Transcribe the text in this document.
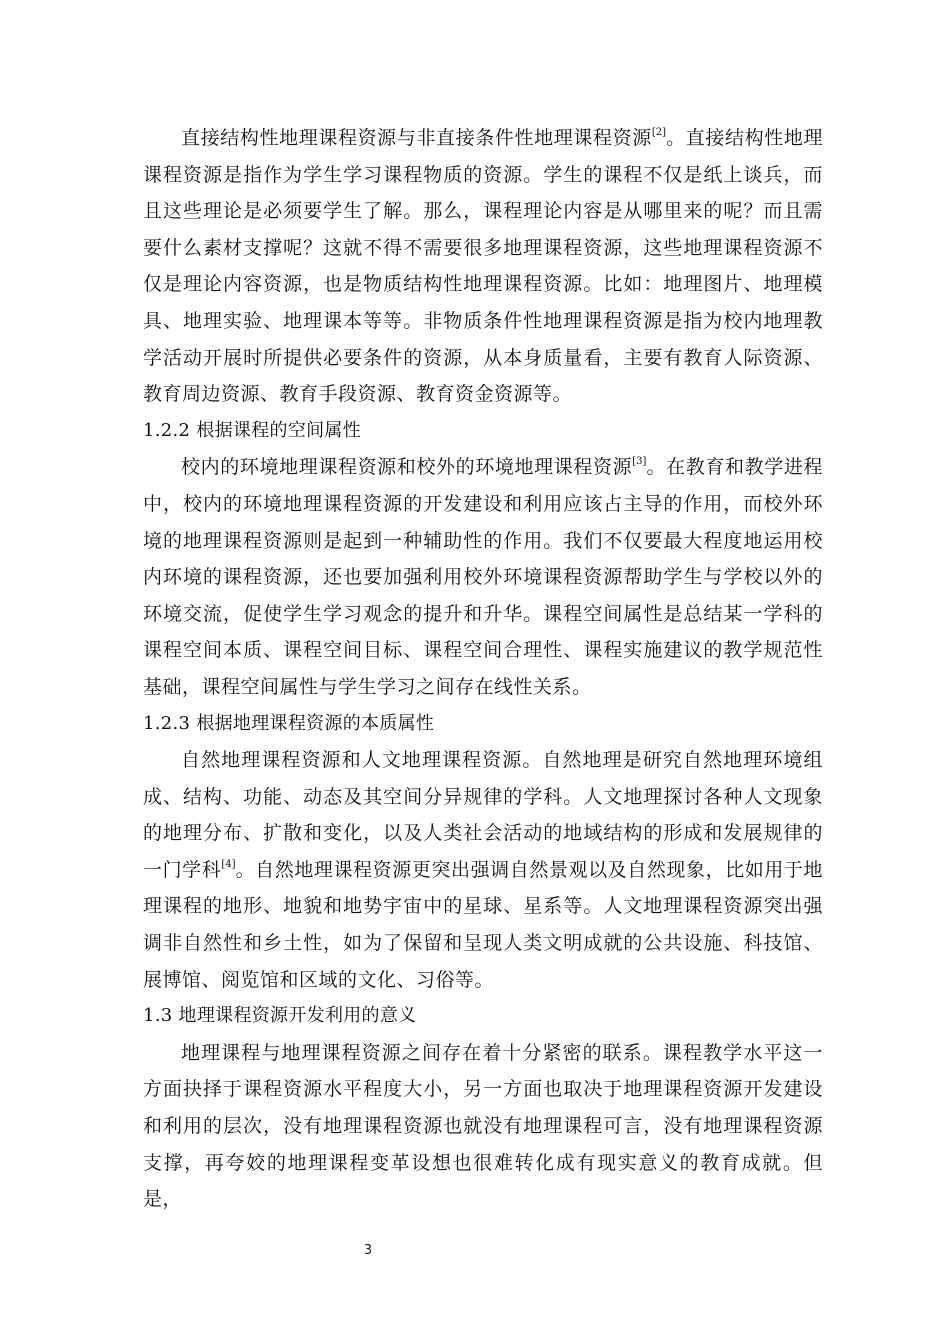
直接结构性地理课程资源与非直接条件性地理课程资源[2]。直接结构性地理课程资源是指作为学生学习课程物质的资源。学生的课程不仅是纸上谈兵，而且这些理论是必须要学生了解。那么，课程理论内容是从哪里来的呢？而且需要什么素材支撑呢？这就不得不需要很多地理课程资源，这些地理课程资源不仅是理论内容资源，也是物质结构性地理课程资源。比如：地理图片、地理模具、地理实验、地理课本等等。非物质条件性地理课程资源是指为校内地理教学活动开展时所提供必要条件的资源，从本身质量看，主要有教育人际资源、教育周边资源、教育手段资源、教育资金资源等。

1.2.2 根据课程的空间属性

校内的环境地理课程资源和校外的环境地理课程资源[3]。在教育和教学进程中，校内的环境地理课程资源的开发建设和利用应该占主导的作用，而校外环境的地理课程资源则是起到一种辅助性的作用。我们不仅要最大程度地运用校内环境的课程资源，还也要加强利用校外环境课程资源帮助学生与学校以外的环境交流，促使学生学习观念的提升和升华。课程空间属性是总结某一学科的课程空间本质、课程空间目标、课程空间合理性、课程实施建议的教学规范性基础，课程空间属性与学生学习之间存在线性关系。

1.2.3 根据地理课程资源的本质属性

自然地理课程资源和人文地理课程资源。自然地理是研究自然地理环境组成、结构、功能、动态及其空间分异规律的学科。人文地理探讨各种人文现象的地理分布、扩散和变化，以及人类社会活动的地域结构的形成和发展规律的一门学科[4]。自然地理课程资源更突出强调自然景观以及自然现象，比如用于地理课程的地形、地貌和地势宇宙中的星球、星系等。人文地理课程资源突出强调非自然性和乡土性，如为了保留和呈现人类文明成就的公共设施、科技馆、展博馆、阅览馆和区域的文化、习俗等。

1.3 地理课程资源开发利用的意义

地理课程与地理课程资源之间存在着十分紧密的联系。课程教学水平这一方面抉择于课程资源水平程度大小，另一方面也取决于地理课程资源开发建设和利用的层次，没有地理课程资源也就没有地理课程可言，没有地理课程资源支撑，再夸姣的地理课程变革设想也很难转化成有现实意义的教育成就。但是，

3
